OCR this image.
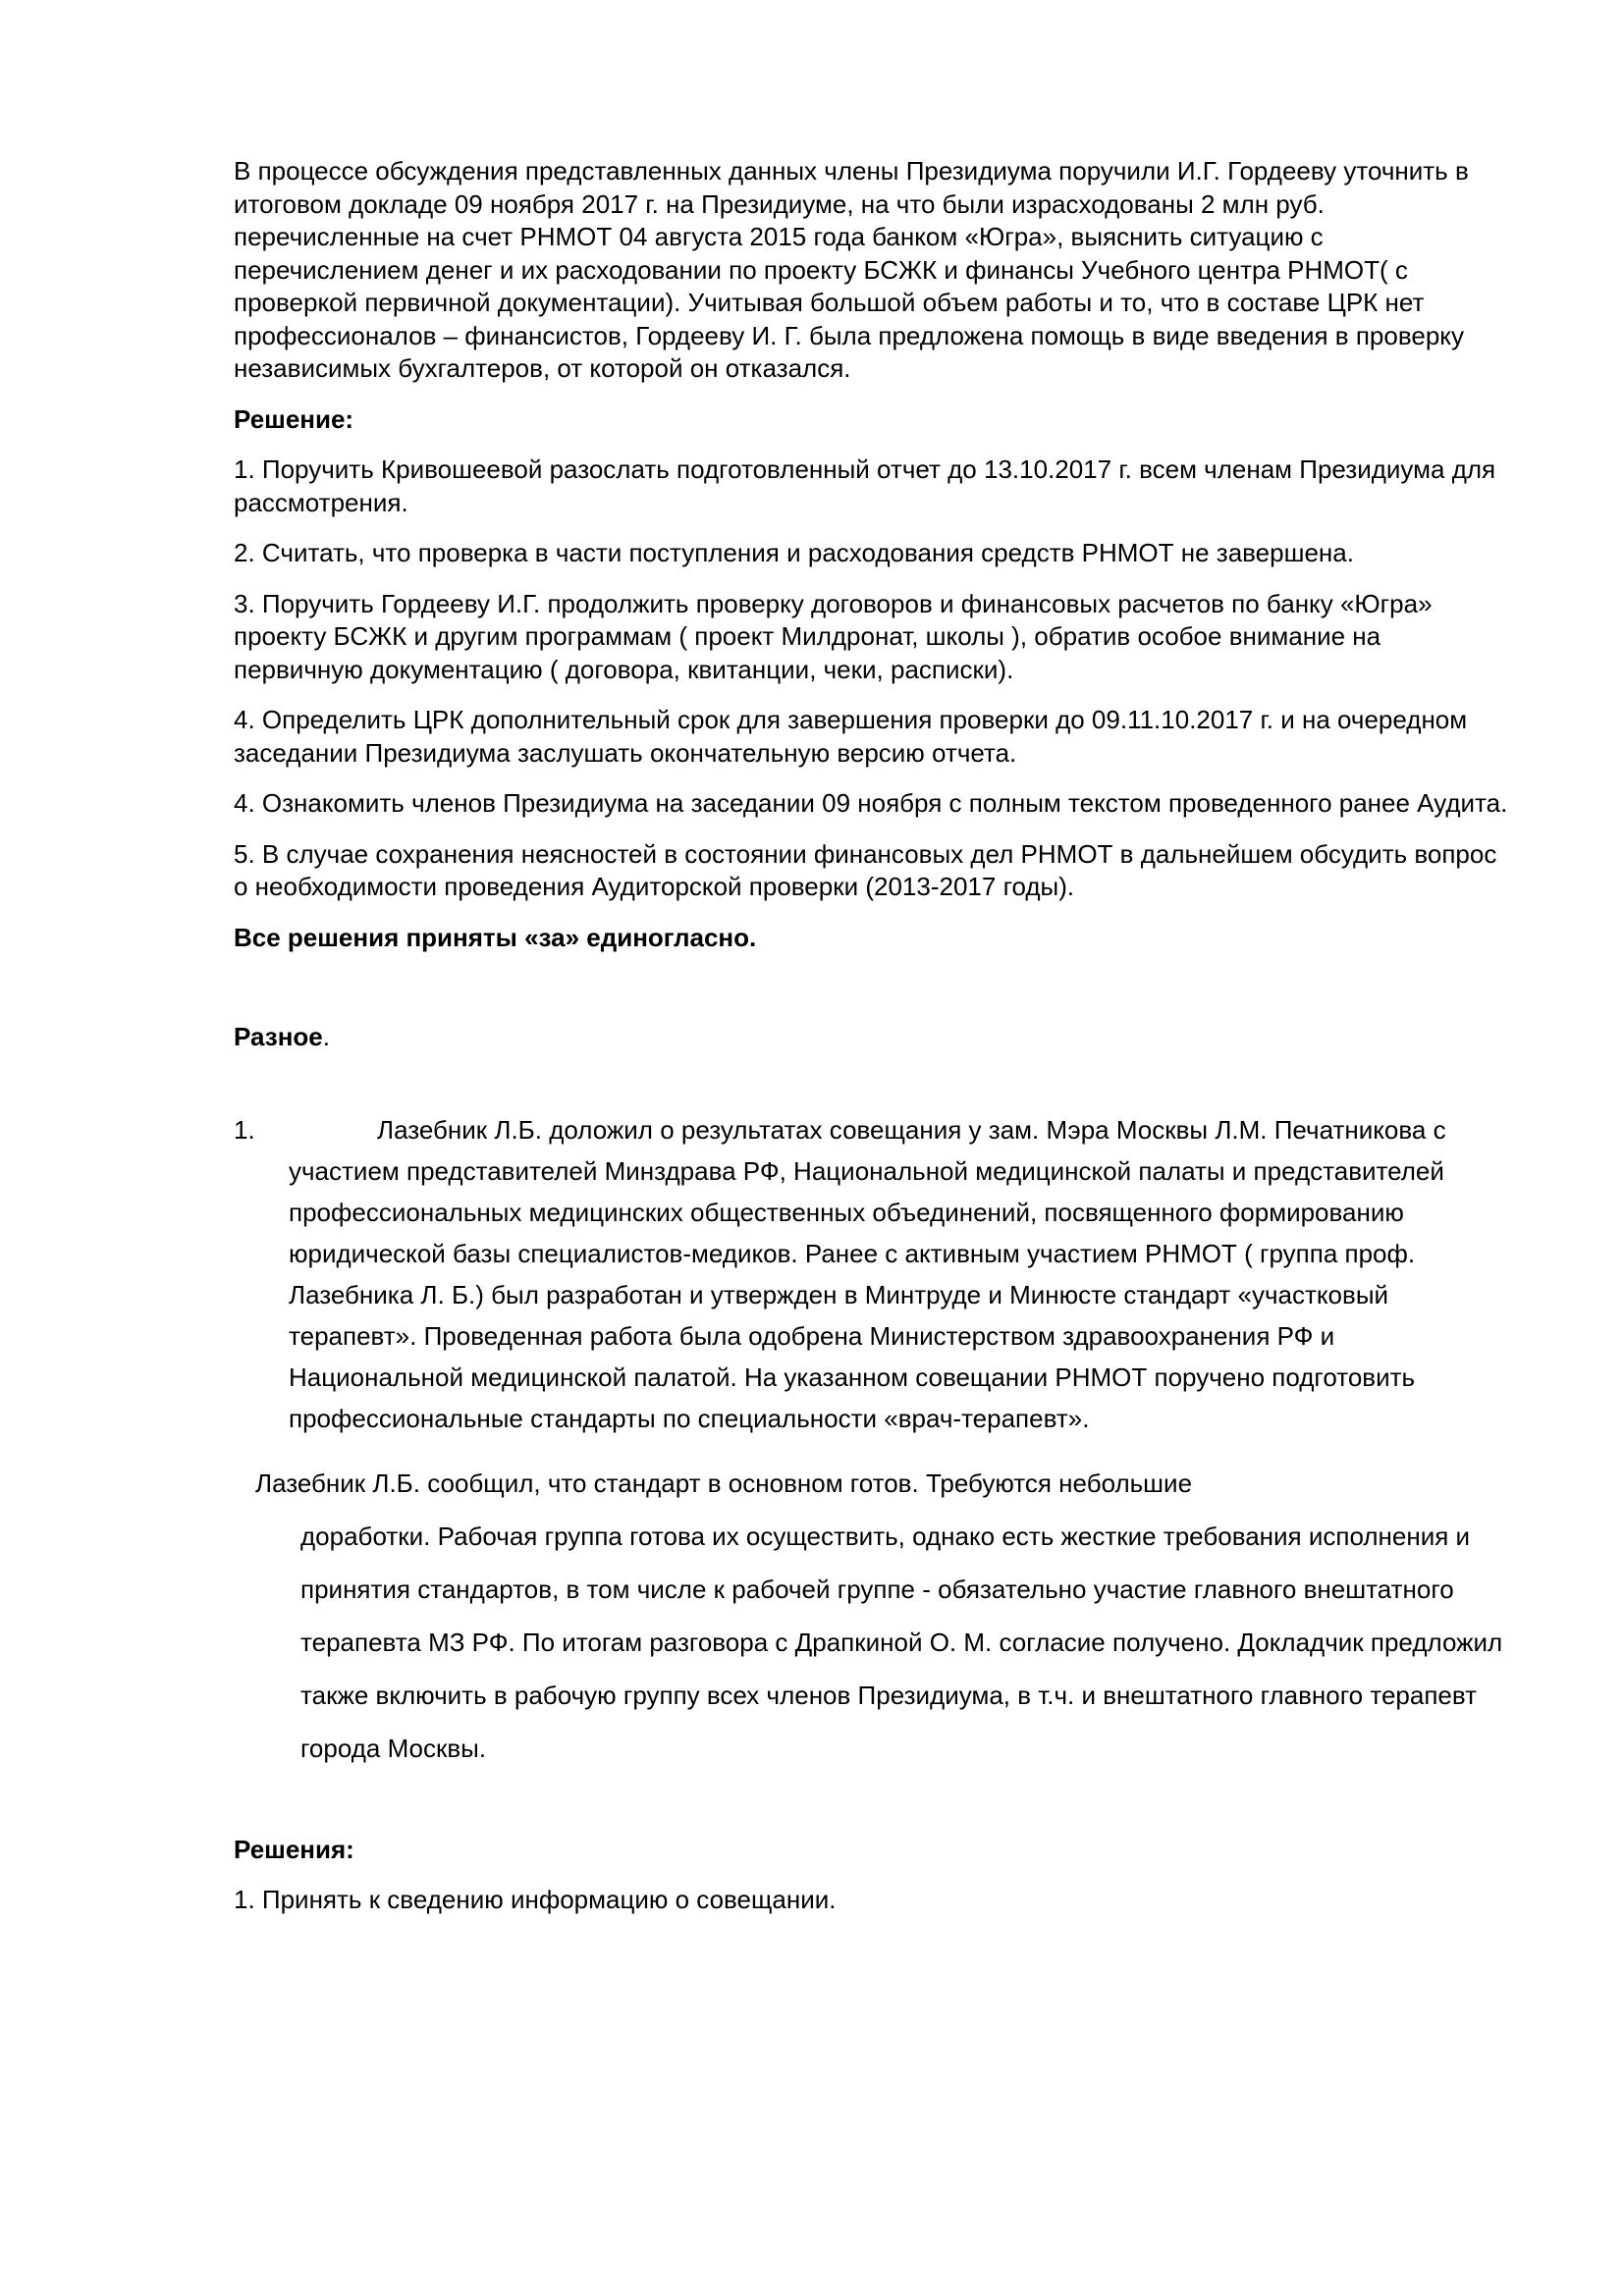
В процессе обсуждения представленных данных члены Президиума поручили И.Г. Гордееву уточнить в итоговом докладе 09 ноября 2017 г. на Президиуме, на что были израсходованы 2 млн руб. перечисленные на счет РНМОТ 04 августа 2015 года банком «Югра», выяснить ситуацию с перечислением денег и их расходовании по проекту БСЖК и финансы Учебного центра РНМОТ( с проверкой первичной документации). Учитывая большой объем работы и то, что в составе ЦРК нет профессионалов – финансистов, Гордееву И. Г. была предложена помощь в виде введения в проверку независимых бухгалтеров, от которой он отказался.

Решение:

1. Поручить Кривошеевой разослать подготовленный отчет до 13.10.2017 г. всем членам Президиума для рассмотрения.

2. Считать, что проверка в части поступления и расходования средств РНМОТ не завершена.

3. Поручить Гордееву И.Г. продолжить проверку договоров и финансовых расчетов по банку «Югра» проекту БСЖК и другим программам ( проект Милдронат, школы ), обратив особое внимание на первичную документацию ( договора, квитанции, чеки, расписки).

4. Определить ЦРК дополнительный срок для завершения проверки до 09.11.10.2017 г. и на очередном заседании Президиума заслушать окончательную версию отчета.

4. Ознакомить членов Президиума на заседании 09 ноября с полным текстом проведенного ранее Аудита.

5. В случае сохранения неясностей в состоянии финансовых дел РНМОТ в дальнейшем обсудить вопрос о необходимости проведения Аудиторской проверки (2013-2017 годы).

Все решения приняты «за» единогласно.

Разное.

1.	Лазебник Л.Б. доложил о результатах совещания у зам. Мэра Москвы Л.М. Печатникова с участием представителей Минздрава РФ, Национальной медицинской палаты и представителей профессиональных медицинских общественных объединений, посвященного формированию юридической базы специалистов-медиков. Ранее с активным участием РНМОТ ( группа проф. Лазебника Л. Б.) был разработан и утвержден в Минтруде и Минюсте стандарт «участковый терапевт». Проведенная работа была одобрена Министерством здравоохранения РФ и Национальной медицинской палатой. На указанном совещании РНМОТ поручено подготовить профессиональные стандарты по специальности «врач-терапевт».

Лазебник Л.Б. сообщил, что стандарт в основном готов. Требуются небольшие

доработки. Рабочая группа готова их осуществить, однако есть жесткие требования исполнения и принятия стандартов, в том числе к рабочей группе - обязательно участие главного внештатного терапевта МЗ РФ. По итогам разговора с Драпкиной О. М. согласие получено. Докладчик предложил также включить в рабочую группу всех членов Президиума, в т.ч. и внештатного главного терапевт города Москвы.

Решения:

1. Принять к сведению информацию о совещании.
